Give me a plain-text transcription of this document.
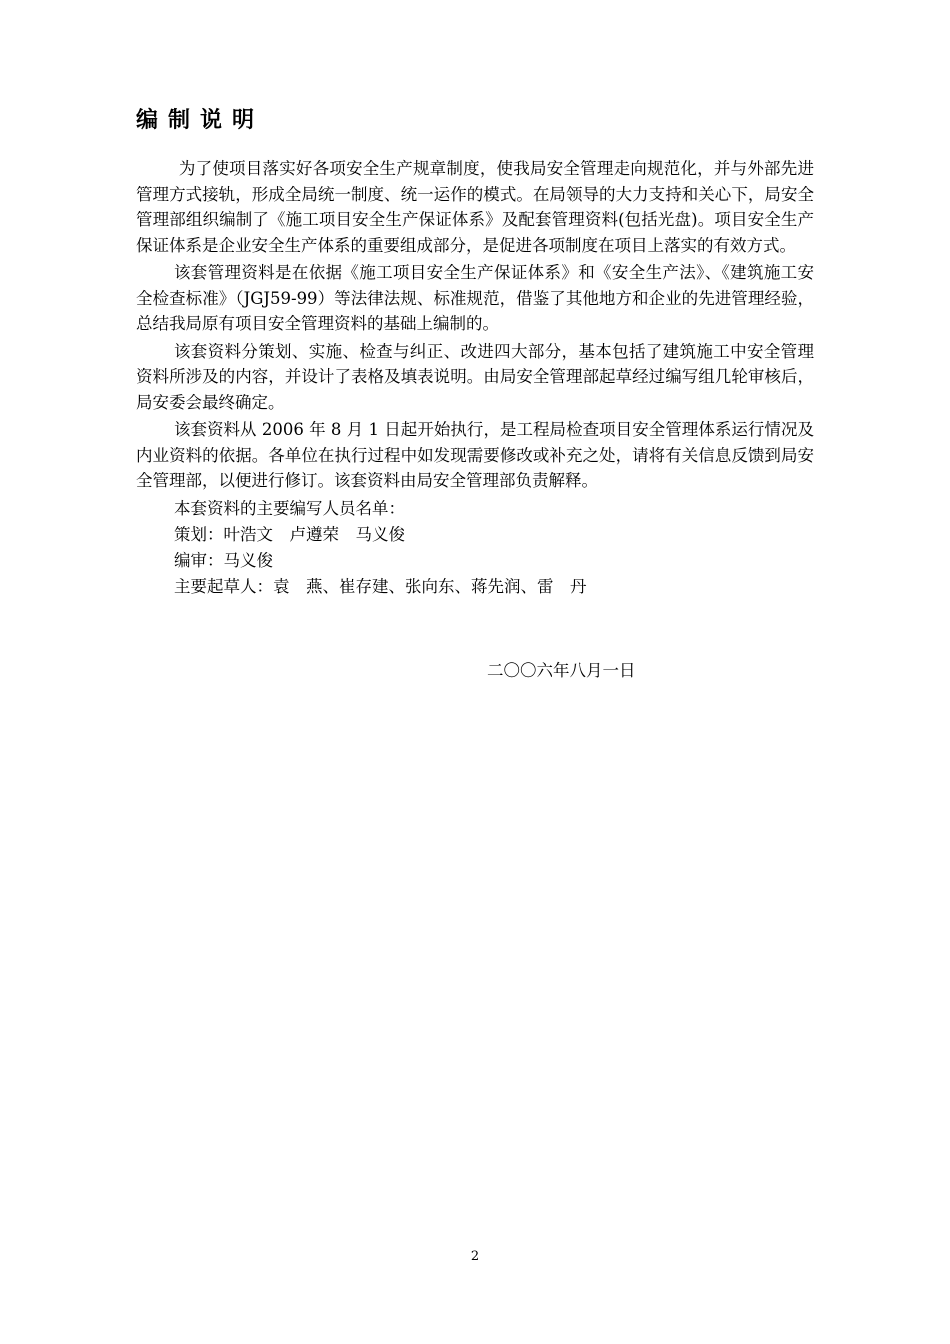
编制说明

为了使项目落实好各项安全生产规章制度，使我局安全管理走向规范化，并与外部先进管理方式接轨，形成全局统一制度、统一运作的模式。在局领导的大力支持和关心下，局安全管理部组织编制了《施工项目安全生产保证体系》及配套管理资料(包括光盘)。项目安全生产保证体系是企业安全生产体系的重要组成部分，是促进各项制度在项目上落实的有效方式。

该套管理资料是在依据《施工项目安全生产保证体系》和《安全生产法》、《建筑施工安全检查标准》（JGJ59-99）等法律法规、标准规范，借鉴了其他地方和企业的先进管理经验，总结我局原有项目安全管理资料的基础上编制的。

该套资料分策划、实施、检查与纠正、改进四大部分，基本包括了建筑施工中安全管理资料所涉及的内容，并设计了表格及填表说明。由局安全管理部起草经过编写组几轮审核后，局安委会最终确定。

该套资料从 2006 年 8 月 1 日起开始执行，是工程局检查项目安全管理体系运行情况及内业资料的依据。各单位在执行过程中如发现需要修改或补充之处，请将有关信息反馈到局安全管理部，以便进行修订。该套资料由局安全管理部负责解释。

本套资料的主要编写人员名单：

策划：叶浩文　卢遵荣　马义俊

编审：马义俊

主要起草人：袁　燕、崔存建、张向东、蒋先润、雷　丹

二〇〇六年八月一日
2
